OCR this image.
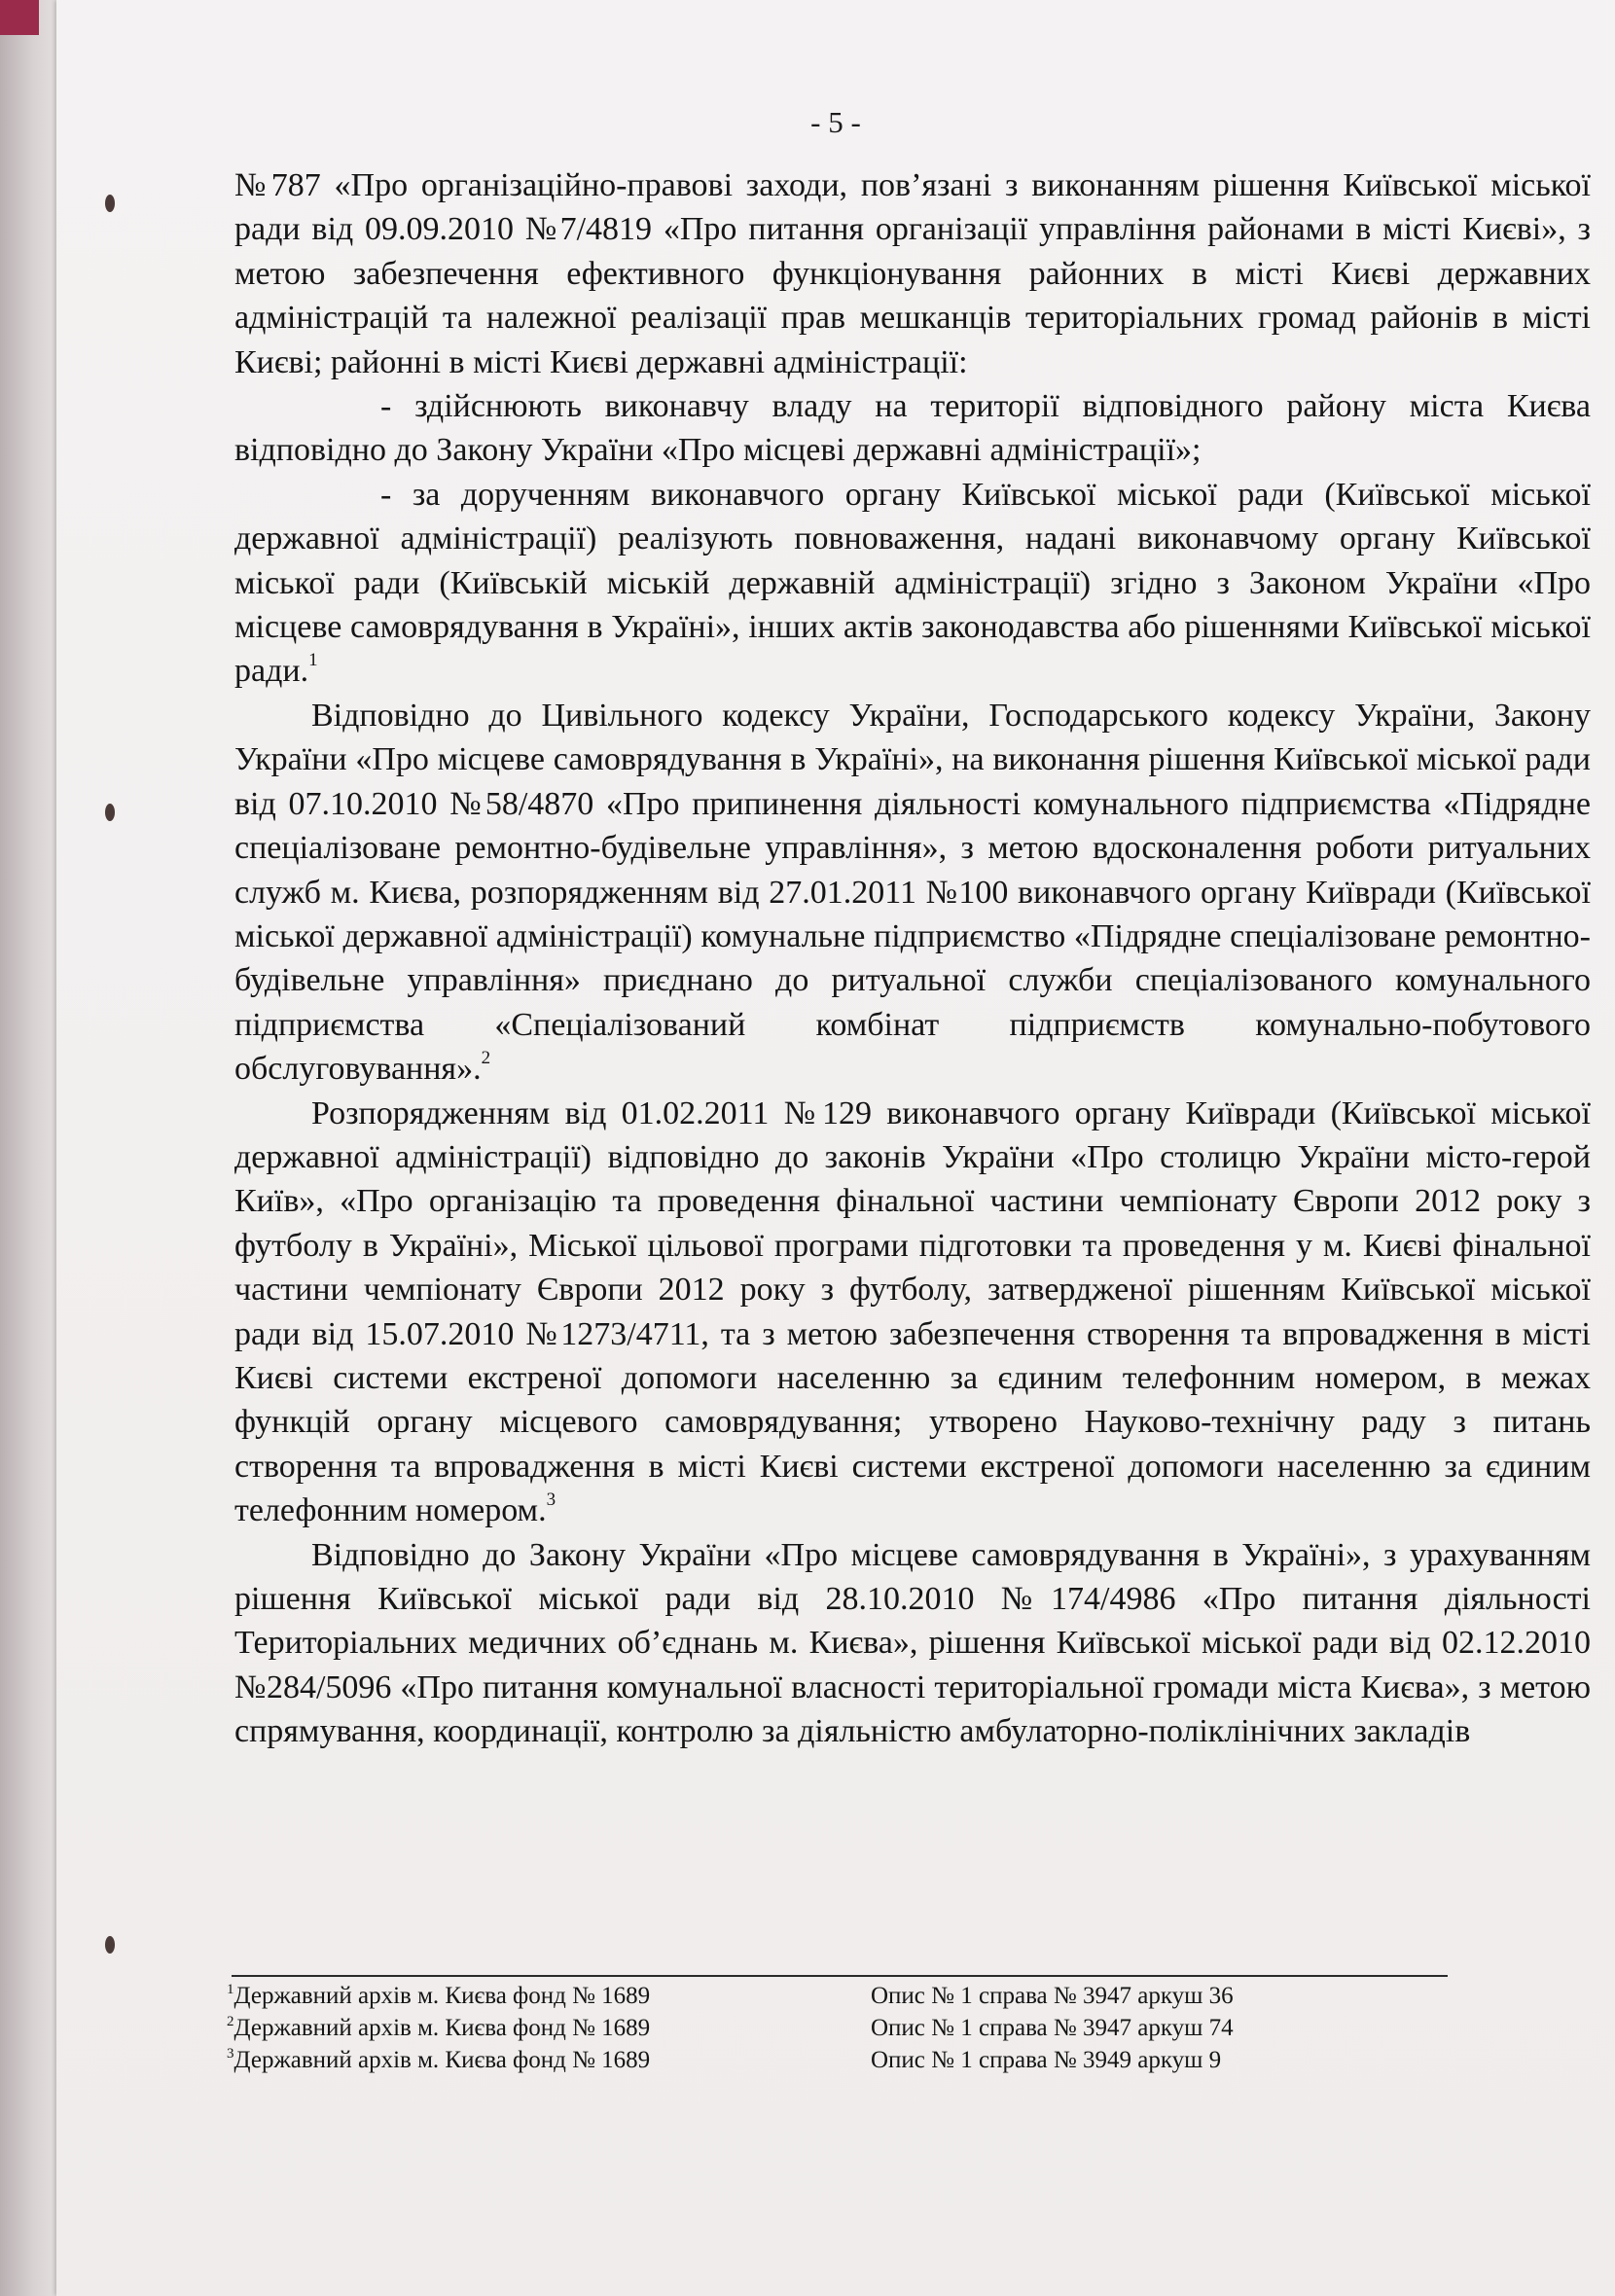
- 5 -

№787 «Про організаційно-правові заходи, пов’язані з виконанням рішення Київської міської ради від 09.09.2010 №7/4819 «Про питання організації управління районами в місті Києві», з метою забезпечення ефективного функціонування районних в місті Києві державних адміністрацій та належної реалізації прав мешканців територіальних громад районів в місті Києві; районні в місті Києві державні адміністрації:

- здійснюють виконавчу владу на території відповідного району міста Києва відповідно до Закону України «Про місцеві державні адміністрації»;

- за дорученням виконавчого органу Київської міської ради (Київської міської державної адміністрації) реалізують повноваження, надані виконавчому органу Київської міської ради (Київській міській державній адміністрації) згідно з Законом України «Про місцеве самоврядування в Україні», інших актів законодавства або рішеннями Київської міської ради.$^1$

Відповідно до Цивільного кодексу України, Господарського кодексу України, Закону України «Про місцеве самоврядування в Україні», на виконання рішення Київської міської ради від 07.10.2010 №58/4870 «Про припинення діяльності комунального підприємства «Підрядне спеціалізоване ремонтно-будівельне управління», з метою вдосконалення роботи ритуальних служб м. Києва, розпорядженням від 27.01.2011 №100 виконавчого органу Київради (Київської міської державної адміністрації) комунальне підприємство «Підрядне спеціалізоване ремонтно-будівельне управління» приєднано до ритуальної служби спеціалізованого комунального підприємства «Спеціалізований комбінат підприємств комунально-побутового обслуговування».$^2$

Розпорядженням від 01.02.2011 №129 виконавчого органу Київради (Київської міської державної адміністрації) відповідно до законів України «Про столицю України місто-герой Київ», «Про організацію та проведення фінальної частини чемпіонату Європи 2012 року з футболу в Україні», Міської цільової програми підготовки та проведення у м. Києві фінальної частини чемпіонату Європи 2012 року з футболу, затвердженої рішенням Київської міської ради від 15.07.2010 №1273/4711, та з метою забезпечення створення та впровадження в місті Києві системи екстреної допомоги населенню за єдиним телефонним номером, в межах функцій органу місцевого самоврядування; утворено Науково-технічну раду з питань створення та впровадження в місті Києві системи екстреної допомоги населенню за єдиним телефонним номером.$^3$

Відповідно до Закону України «Про місцеве самоврядування в Україні», з урахуванням рішення Київської міської ради від 28.10.2010 №174/4986 «Про питання діяльності Територіальних медичних об’єднань м. Києва», рішення Київської міської ради від 02.12.2010 №284/5096 «Про питання комунальної власності територіальної громади міста Києва», з метою спрямування, координації, контролю за діяльністю амбулаторно-поліклінічних закладів

$^1$Державний архів м. Києва фонд № 1689	Опис № 1 справа № 3947 аркуш 36
$^2$Державний архів м. Києва фонд № 1689	Опис № 1 справа № 3947 аркуш 74
$^3$Державний архів м. Києва фонд № 1689	Опис № 1 справа № 3949 аркуш 9
